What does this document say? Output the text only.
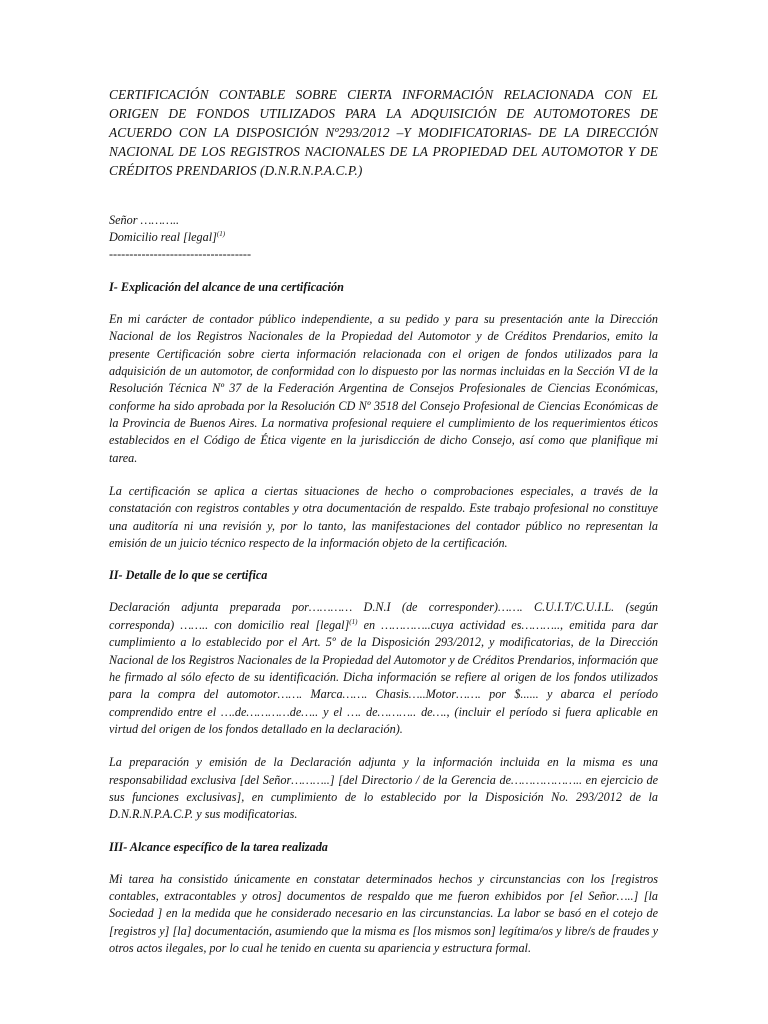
CERTIFICACIÓN CONTABLE SOBRE CIERTA INFORMACIÓN RELACIONADA CON EL ORIGEN DE FONDOS UTILIZADOS PARA LA ADQUISICIÓN DE AUTOMOTORES DE ACUERDO CON LA DISPOSICIÓN Nº293/2012 –Y MODIFICATORIAS- DE LA DIRECCIÓN NACIONAL DE LOS REGISTROS NACIONALES DE LA PROPIEDAD DEL AUTOMOTOR Y DE CRÉDITOS PRENDARIOS (D.N.R.N.P.A.C.P.)
Señor ………..
Domicilio real [legal]$^{(1)}$
-----------------------------------
I- Explicación del alcance de una certificación

En mi carácter de contador público independiente, a su pedido y para su presentación ante la Dirección Nacional de los Registros Nacionales de la Propiedad del Automotor y de Créditos Prendarios, emito la presente Certificación sobre cierta información relacionada con el origen de fondos utilizados para la adquisición de un automotor, de conformidad con lo dispuesto por las normas incluidas en la Sección VI de la Resolución Técnica Nº 37 de la Federación Argentina de Consejos Profesionales de Ciencias Económicas, conforme ha sido aprobada por la Resolución CD Nº 3518 del Consejo Profesional de Ciencias Económicas de la Provincia de Buenos Aires. La normativa profesional requiere el cumplimiento de los requerimientos éticos establecidos en el Código de Ética vigente en la jurisdicción de dicho Consejo, así como que planifique mi tarea.

La certificación se aplica a ciertas situaciones de hecho o comprobaciones especiales, a través de la constatación con registros contables y otra documentación de respaldo. Este trabajo profesional no constituye una auditoría ni una revisión y, por lo tanto, las manifestaciones del contador público no representan la emisión de un juicio técnico respecto de la información objeto de la certificación.

II- Detalle de lo que se certifica

Declaración adjunta preparada por………… D.N.I (de corresponder)……. C.U.I.T/C.U.I.L. (según corresponda) …….. con domicilio real [legal]$^{(1)}$ en …………..cuya actividad es……….., emitida para dar cumplimiento a lo establecido por el Art. 5º de la Disposición 293/2012, y modificatorias, de la Dirección Nacional de los Registros Nacionales de la Propiedad del Automotor y de Créditos Prendarios, información que he firmado al sólo efecto de su identificación. Dicha información se refiere al origen de los fondos utilizados para la compra del automotor……. Marca……. Chasis…..Motor……. por $...... y abarca el período comprendido entre el ….de…………de….. y el …. de……….. de…., (incluir el período si fuera aplicable en virtud del origen de los fondos detallado en la declaración).

La preparación y emisión de la Declaración adjunta y la información incluida en la misma es una responsabilidad exclusiva [del Señor………..] [del Directorio / de la Gerencia de……………….. en ejercicio de sus funciones exclusivas], en cumplimiento de lo establecido por la Disposición No. 293/2012 de la D.N.R.N.P.A.C.P. y sus modificatorias.

III- Alcance específico de la tarea realizada

Mi tarea ha consistido únicamente en constatar determinados hechos y circunstancias con los [registros contables, extracontables y otros] documentos de respaldo que me fueron exhibidos por [el Señor…..] [la Sociedad ] en la medida que he considerado necesario en las circunstancias. La labor se basó en el cotejo de [registros y] [la] documentación, asumiendo que la misma es [los mismos son] legítima/os y libre/s de fraudes y otros actos ilegales, por lo cual he tenido en cuenta su apariencia y estructura formal.
